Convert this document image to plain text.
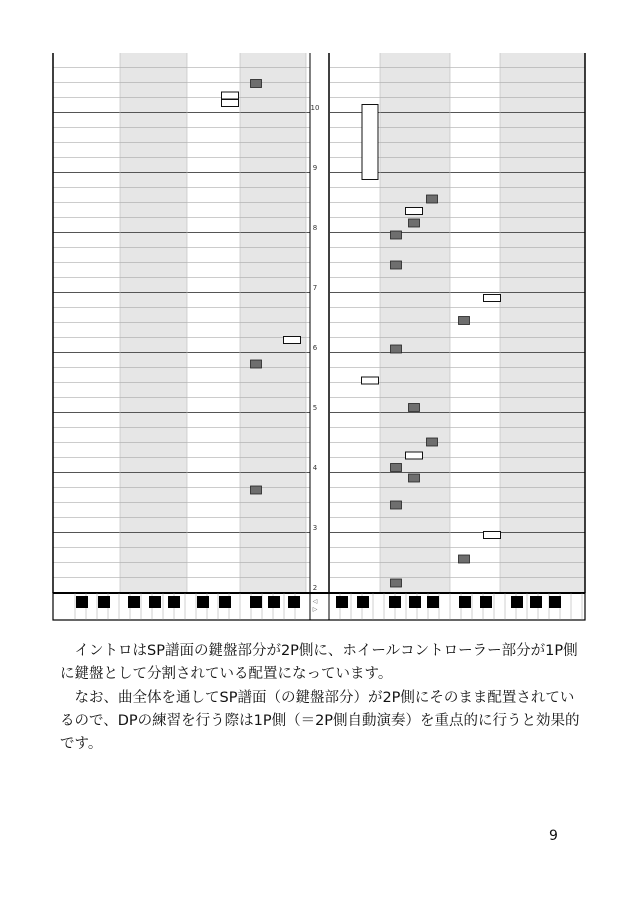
2
3
4
5
6
7
8
9
10
◁
▷

　イントロはSP譜面の鍵盤部分が2P側に、ホイールコントローラー部分が1P側に鍵盤として分割されている配置になっています。

　なお、曲全体を通してSP譜面（の鍵盤部分）が2P側にそのまま配置されているので、DPの練習を行う際は1P側（＝2P側自動演奏）を重点的に行うと効果的です。

9
